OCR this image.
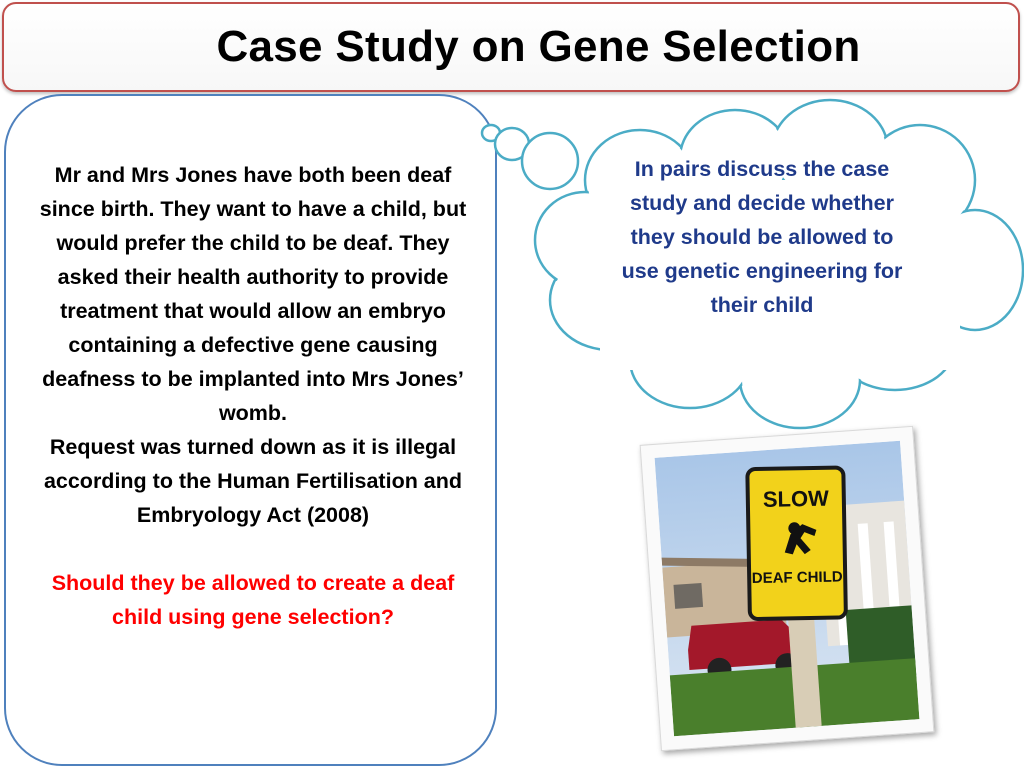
Case Study on Gene Selection

Mr and Mrs Jones have both been deaf since birth. They want to have a child, but would prefer the child to be deaf. They asked their health authority to provide treatment that would allow an embryo containing a defective gene causing deafness to be implanted into Mrs Jones’ womb.

Request was turned down as it is illegal according to the Human Fertilisation and Embryology Act (2008)

Should they be allowed to create a deaf child using gene selection?

In pairs discuss the case study and decide whether they should be allowed to use genetic engineering for their child
SLOW
DEAF CHILD
